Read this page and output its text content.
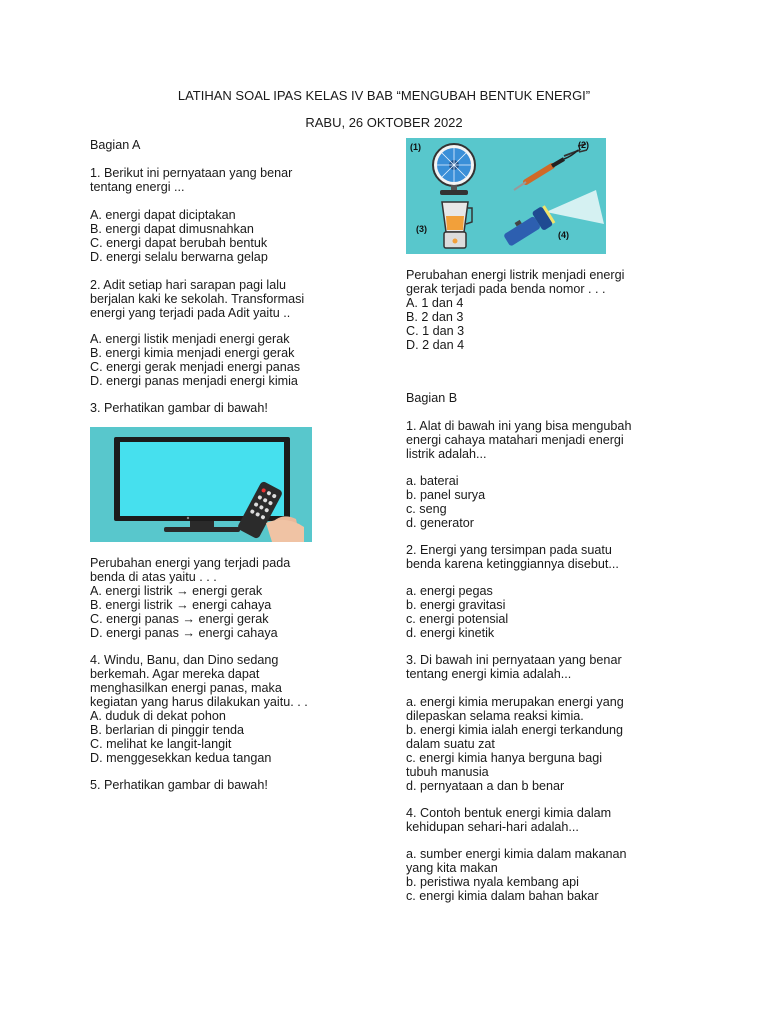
LATIHAN SOAL IPAS KELAS IV BAB “MENGUBAH BENTUK ENERGI”
RABU, 26 OKTOBER 2022
Bagian A
1. Berikut ini pernyataan yang benar
tentang energi ...
A. energi dapat diciptakan
B. energi dapat dimusnahkan
C. energi dapat berubah bentuk
D. energi selalu berwarna gelap
2. Adit setiap hari sarapan pagi lalu
berjalan kaki ke sekolah. Transformasi
energi yang terjadi pada Adit yaitu ..
A. energi listik menjadi energi gerak
B. energi kimia menjadi energi gerak
C. energi gerak menjadi energi panas
D. energi panas menjadi energi kimia
3. Perhatikan gambar di bawah!
Perubahan energi yang terjadi pada
benda di atas yaitu . . .
A. energi listrik → energi gerak
B. energi listrik → energi cahaya
C. energi panas → energi gerak
D. energi panas → energi cahaya
4. Windu, Banu, dan Dino sedang
berkemah. Agar mereka dapat
menghasilkan energi panas, maka
kegiatan yang harus dilakukan yaitu. . .
A. duduk di dekat pohon
B. berlarian di pinggir tenda
C. melihat ke langit-langit
D. menggesekkan kedua tangan
5. Perhatikan gambar di bawah!
(1)	(2)
(3)
(4)
Perubahan energi listrik menjadi energi
gerak terjadi pada benda nomor . . .
A. 1 dan 4
B. 2 dan 3
C. 1 dan 3
D. 2 dan 4
Bagian B
1. Alat di bawah ini yang bisa mengubah
energi cahaya matahari menjadi energi
listrik adalah...
a. baterai
b. panel surya
c. seng
d. generator
2. Energi yang tersimpan pada suatu
benda karena ketinggiannya disebut...
a. energi pegas
b. energi gravitasi
c. energi potensial
d. energi kinetik
3. Di bawah ini pernyataan yang benar
tentang energi kimia adalah...
a. energi kimia merupakan energi yang
dilepaskan selama reaksi kimia.
b. energi kimia ialah energi terkandung
dalam suatu zat
c. energi kimia hanya berguna bagi
tubuh manusia
d. pernyataan a dan b benar
4. Contoh bentuk energi kimia dalam
kehidupan sehari-hari adalah...
a. sumber energi kimia dalam makanan
yang kita makan
b. peristiwa nyala kembang api
c. energi kimia dalam bahan bakar
